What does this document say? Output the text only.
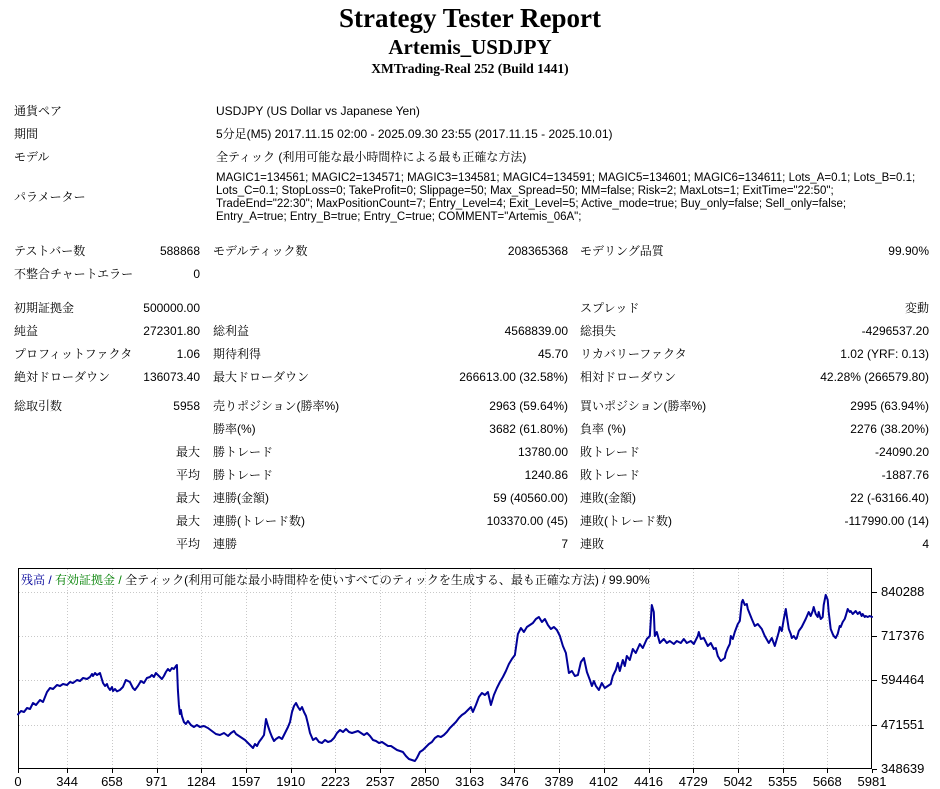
Strategy Tester Report
Artemis_USDJPY
XMTrading-Real 252 (Build 1441)
通貨ペア	USDJPY (US Dollar vs Japanese Yen)
期間	5分足(M5) 2017.11.15 02:00 - 2025.09.30 23:55 (2017.11.15 - 2025.10.01)
モデル	全ティック (利用可能な最小時間枠による最も正確な方法)
パラメーター
MAGIC1=134561; MAGIC2=134571; MAGIC3=134581; MAGIC4=134591; MAGIC5=134601; MAGIC6=134611; Lots_A=0.1; Lots_B=0.1; Lots_C=0.1; StopLoss=0; TakeProfit=0; Slippage=50; Max_Spread=50; MM=false; Risk=2; MaxLots=1; ExitTime="22:50"; TradeEnd="22:30"; MaxPositionCount=7; Entry_Level=4; Exit_Level=5; Active_mode=true; Buy_only=false; Sell_only=false; Entry_A=true; Entry_B=true; Entry_C=true; COMMENT="Artemis_06A";
テストバー数	588868 モデルティック数	208365368 モデリング品質	99.90%
不整合チャートエラー	0
初期証拠金	500000.00	スプレッド	変動
純益	272301.80 総利益	4568839.00 総損失	-4296537.20
プロフィットファクタ	1.06 期待利得	45.70 リカバリーファクタ	1.02 (YRF: 0.13)
絶対ドローダウン	136073.40 最大ドローダウン	266613.00 (32.58%) 相対ドローダウン	42.28% (266579.80)
総取引数	5958 売りポジション(勝率%)	2963 (59.64%) 買いポジション(勝率%)	2995 (63.94%)
勝率(%)	3682 (61.80%) 負率 (%)	2276 (38.20%)
最大 勝トレード	13780.00 敗トレード	-24090.20
平均 勝トレード	1240.86 敗トレード	-1887.76
最大 連勝(金額)	59 (40560.00) 連敗(金額)	22 (-63166.40)
最大 連勝(トレード数)	103370.00 (45) 連敗(トレード数)	-117990.00 (14)
平均 連勝	7 連敗	4
残高 / 有効証拠金 / 全ティック(利用可能な最小時間枠を使いすべてのティックを生成する、最も正確な方法) / 99.90%
840288
717376
594464
471551
348639
0	344	658	971	1284	1597	1910	2223	2537	2850	3163	3476	3789	4102	4416	4729	5042	5355	5668	5981
